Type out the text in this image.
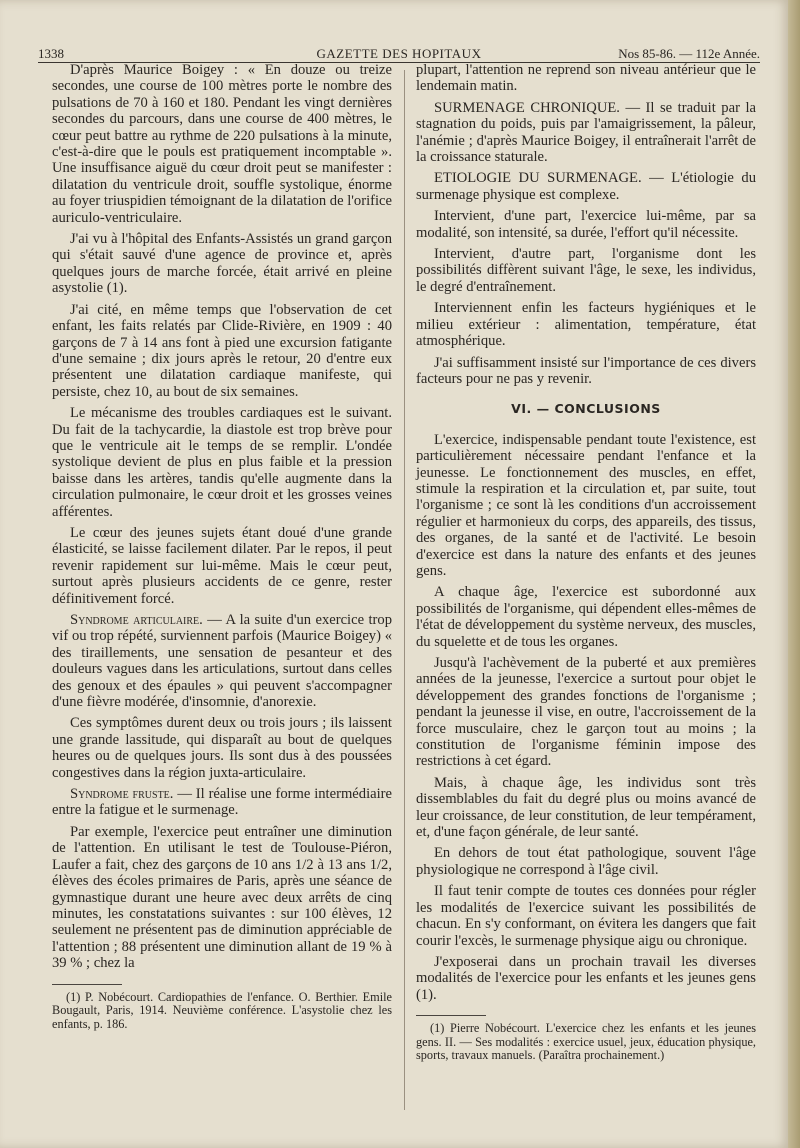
1338	GAZETTE DES HOPITAUX	Nos 85-86. — 112e Année.

D'après Maurice Boigey : « En douze ou treize secondes, une course de 100 mètres porte le nombre des pulsations de 70 à 160 et 180. Pendant les vingt dernières secondes du parcours, dans une course de 400 mètres, le cœur peut battre au rythme de 220 pulsations à la minute, c'est-à-dire que le pouls est pratiquement incomptable ». Une insuffisance aiguë du cœur droit peut se manifester : dilatation du ventricule droit, souffle systolique, énorme au foyer triuspidien témoignant de la dilatation de l'orifice auriculo-ventriculaire.

J'ai vu à l'hôpital des Enfants-Assistés un grand garçon qui s'était sauvé d'une agence de province et, après quelques jours de marche forcée, était arrivé en pleine asystolie (1).

J'ai cité, en même temps que l'observation de cet enfant, les faits relatés par Clide-Rivière, en 1909 : 40 garçons de 7 à 14 ans font à pied une excursion fatigante d'une semaine ; dix jours après le retour, 20 d'entre eux présentent une dilatation cardiaque manifeste, qui persiste, chez 10, au bout de six semaines.

Le mécanisme des troubles cardiaques est le suivant. Du fait de la tachycardie, la diastole est trop brève pour que le ventricule ait le temps de se remplir. L'ondée systolique devient de plus en plus faible et la pression baisse dans les artères, tandis qu'elle augmente dans la circulation pulmonaire, le cœur droit et les grosses veines afférentes.

Le cœur des jeunes sujets étant doué d'une grande élasticité, se laisse facilement dilater. Par le repos, il peut revenir rapidement sur lui-même. Mais le cœur peut, surtout après plusieurs accidents de ce genre, rester définitivement forcé.

Syndrome articulaire. — A la suite d'un exercice trop vif ou trop répété, surviennent parfois (Maurice Boigey) « des tiraillements, une sensation de pesanteur et des douleurs vagues dans les articulations, surtout dans celles des genoux et des épaules » qui peuvent s'accompagner d'une fièvre modérée, d'insomnie, d'anorexie.

Ces symptômes durent deux ou trois jours ; ils laissent une grande lassitude, qui disparaît au bout de quelques heures ou de quelques jours. Ils sont dus à des poussées congestives dans la région juxta-articulaire.

Syndrome fruste. — Il réalise une forme intermédiaire entre la fatigue et le surmenage.

Par exemple, l'exercice peut entraîner une diminution de l'attention. En utilisant le test de Toulouse-Piéron, Laufer a fait, chez des garçons de 10 ans 1/2 à 13 ans 1/2, élèves des écoles primaires de Paris, après une séance de gymnastique durant une heure avec deux arrêts de cinq minutes, les constatations suivantes : sur 100 élèves, 12 seulement ne présentent pas de diminution appréciable de l'attention ; 88 présentent une diminution allant de 19 % à 39 % ; chez la

(1) P. Nobécourt. Cardiopathies de l'enfance. O. Berthier. Emile Bougault, Paris, 1914. Neuvième conférence. L'asystolie chez les enfants, p. 186.

plupart, l'attention ne reprend son niveau antérieur que le lendemain matin.

SURMENAGE CHRONIQUE. — Il se traduit par la stagnation du poids, puis par l'amaigrissement, la pâleur, l'anémie ; d'après Maurice Boigey, il entraînerait l'arrêt de la croissance staturale.

ETIOLOGIE DU SURMENAGE. — L'étiologie du surmenage physique est complexe.

Intervient, d'une part, l'exercice lui-même, par sa modalité, son intensité, sa durée, l'effort qu'il nécessite.

Intervient, d'autre part, l'organisme dont les possibilités diffèrent suivant l'âge, le sexe, les individus, le degré d'entraînement.

Interviennent enfin les facteurs hygiéniques et le milieu extérieur : alimentation, température, état atmosphérique.

J'ai suffisamment insisté sur l'importance de ces divers facteurs pour ne pas y revenir.

VI. — CONCLUSIONS

L'exercice, indispensable pendant toute l'existence, est particulièrement nécessaire pendant l'enfance et la jeunesse. Le fonctionnement des muscles, en effet, stimule la respiration et la circulation et, par suite, tout l'organisme ; ce sont là les conditions d'un accroissement régulier et harmonieux du corps, des appareils, des tissus, des organes, de la santé et de l'activité. Le besoin d'exercice est dans la nature des enfants et des jeunes gens.

A chaque âge, l'exercice est subordonné aux possibilités de l'organisme, qui dépendent elles-mêmes de l'état de développement du système nerveux, des muscles, du squelette et de tous les organes.

Jusqu'à l'achèvement de la puberté et aux premières années de la jeunesse, l'exercice a surtout pour objet le développement des grandes fonctions de l'organisme ; pendant la jeunesse il vise, en outre, l'accroissement de la force musculaire, chez le garçon tout au moins ; la constitution de l'organisme féminin impose des restrictions à cet égard.

Mais, à chaque âge, les individus sont très dissemblables du fait du degré plus ou moins avancé de leur croissance, de leur constitution, de leur tempérament, et, d'une façon générale, de leur santé.

En dehors de tout état pathologique, souvent l'âge physiologique ne correspond à l'âge civil.

Il faut tenir compte de toutes ces données pour régler les modalités de l'exercice suivant les possibilités de chacun. En s'y conformant, on évitera les dangers que fait courir l'excès, le surmenage physique aigu ou chronique.

J'exposerai dans un prochain travail les diverses modalités de l'exercice pour les enfants et les jeunes gens (1).

(1) Pierre Nobécourt. L'exercice chez les enfants et les jeunes gens. II. — Ses modalités : exercice usuel, jeux, éducation physique, sports, travaux manuels. (Paraîtra prochainement.)
